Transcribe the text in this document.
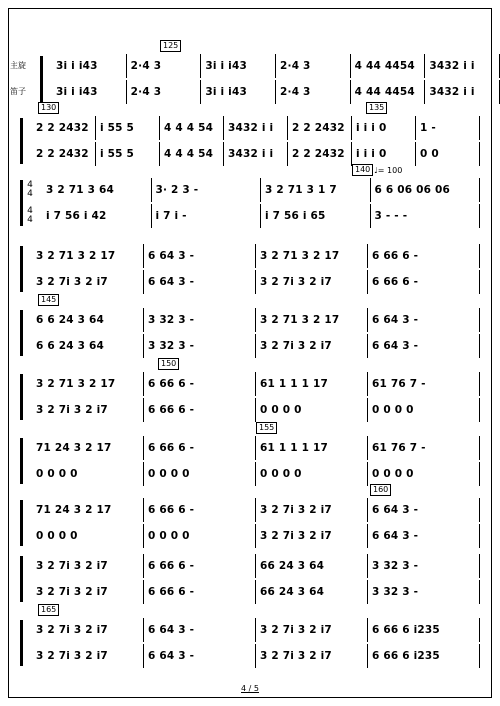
3i i i43	2·4 3	3i i i43	2·4 3	4 44 4454	3432 i i
3i i i43	2·4 3	3i i i43	2·4 3	4 44 4454	3432 i i
主旋
笛子
2 2 2432	i 55 5	4 4 4 54	3432 i i	2 2 2432	i i i 0	1 -
2 2 2432	i 55 5	4 4 4 54	3432 i i	2 2 2432	i i i 0	0 0
3 2 71 3 64	3· 2 3 -	3 2 71 3 1 7	6 6 06 06 06
i 7 56 i 42	i 7 i -	i 7 56 i 65	3 - - -
4
4
4
4
♩= 100
3 2 71 3 2 17	6 64 3 -	3 2 71 3 2 17	6 66 6 -
3 2 7i 3 2 i7	6 64 3 -	3 2 7i 3 2 i7	6 66 6 -
6 6 24 3 64	3 32 3 -	3 2 71 3 2 17	6 64 3 -
6 6 24 3 64	3 32 3 -	3 2 7i 3 2 i7	6 64 3 -
3 2 71 3 2 17	6 66 6 -	61 1 1 1 17	61 76 7 -
3 2 7i 3 2 i7	6 66 6 -	0 0 0 0	0 0 0 0
71 24 3 2 17	6 66 6 -	61 1 1 1 17	61 76 7 -
0 0 0 0	0 0 0 0	0 0 0 0	0 0 0 0
71 24 3 2 17	6 66 6 -	3 2 7i 3 2 i7	6 64 3 -
0 0 0 0	0 0 0 0	3 2 7i 3 2 i7	6 64 3 -
3 2 7i 3 2 i7	6 66 6 -	66 24 3 64	3 32 3 -
3 2 7i 3 2 i7	6 66 6 -	66 24 3 64	3 32 3 -
3 2 7i 3 2 i7	6 64 3 -	3 2 7i 3 2 i7	6 66 6 i235
3 2 7i 3 2 i7	6 64 3 -	3 2 7i 3 2 i7	6 66 6 i235
125
130	135
140
145
150
155
160
165
4 / 5
